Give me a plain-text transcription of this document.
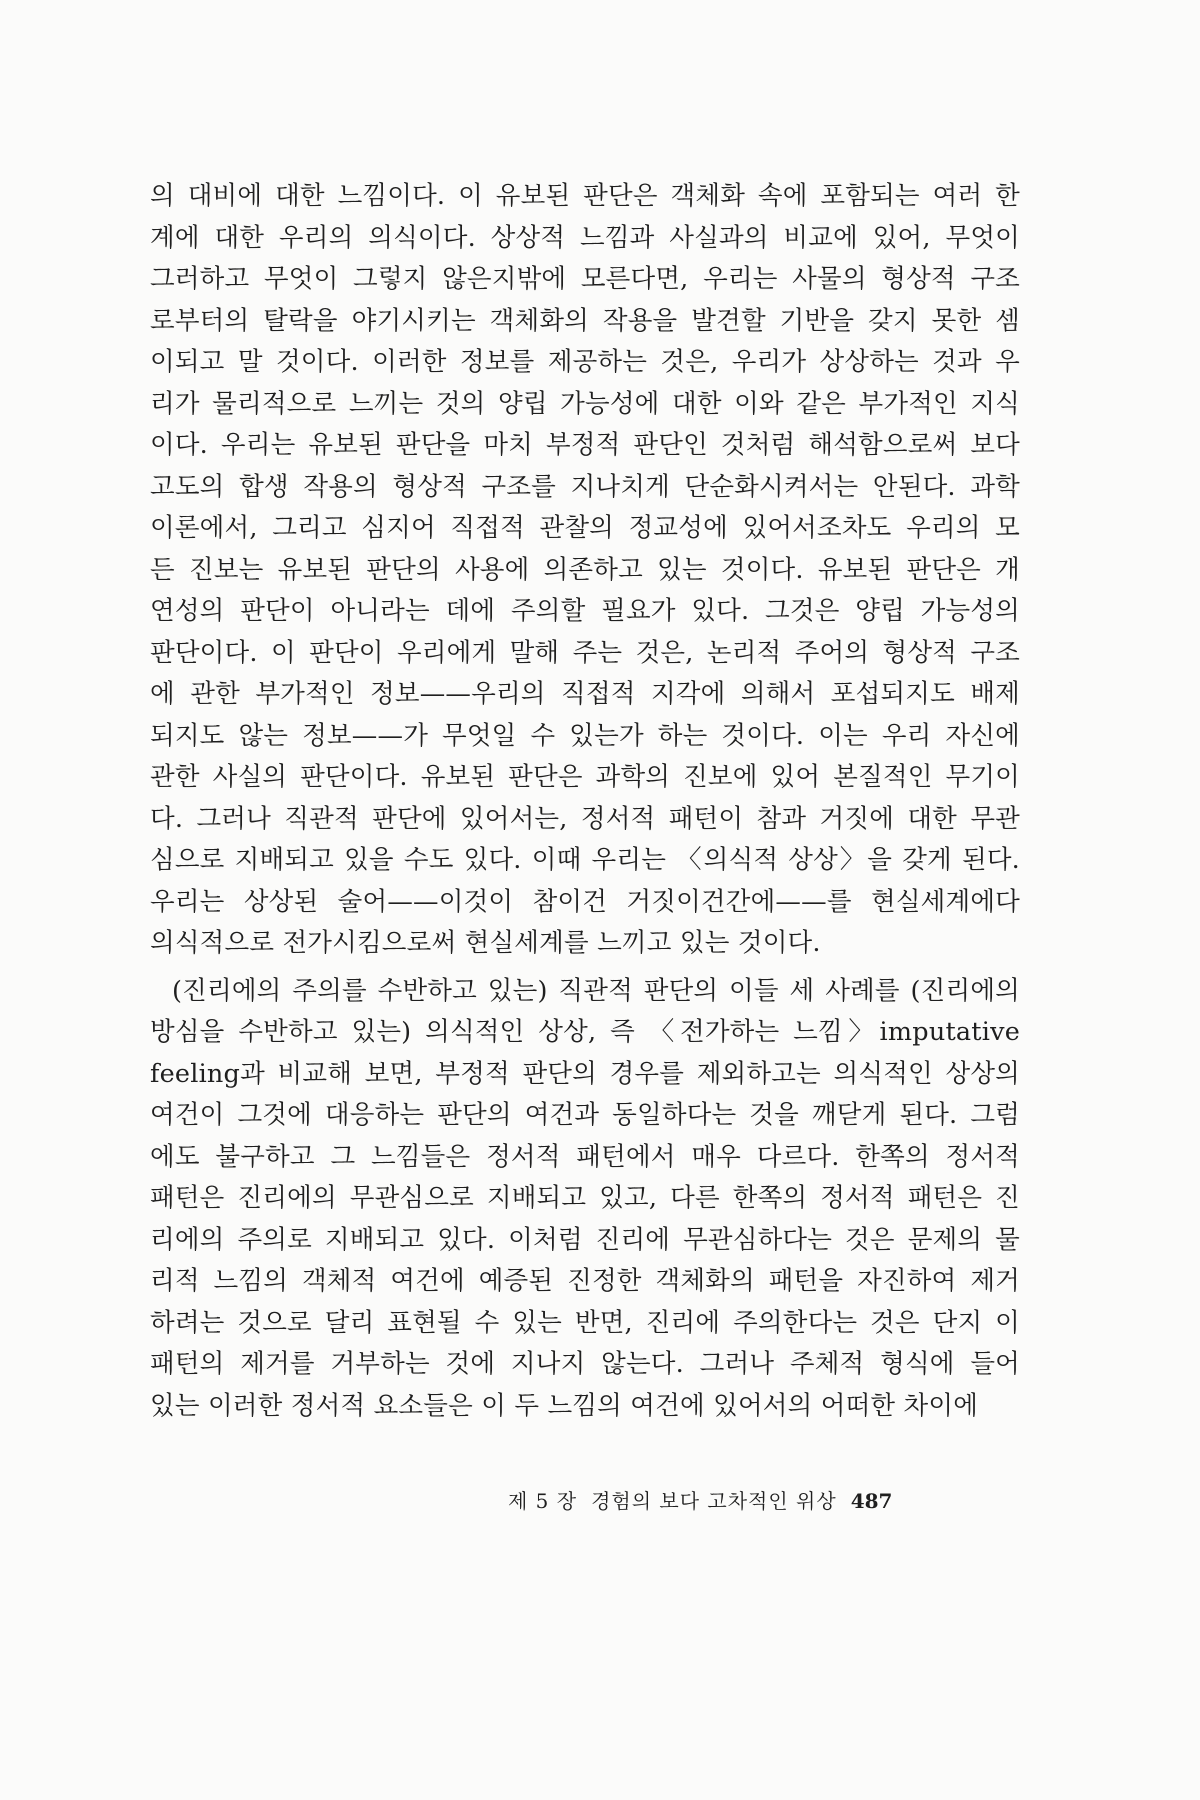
의 대비에 대한 느낌이다. 이 유보된 판단은 객체화 속에 포함되는 여러 한
계에 대한 우리의 의식이다. 상상적 느낌과 사실과의 비교에 있어, 무엇이
그러하고 무엇이 그렇지 않은지밖에 모른다면, 우리는 사물의 형상적 구조
로부터의 탈락을 야기시키는 객체화의 작용을 발견할 기반을 갖지 못한 셈
이되고 말 것이다. 이러한 정보를 제공하는 것은, 우리가 상상하는 것과 우
리가 물리적으로 느끼는 것의 양립 가능성에 대한 이와 같은 부가적인 지식
이다. 우리는 유보된 판단을 마치 부정적 판단인 것처럼 해석함으로써 보다
고도의 합생 작용의 형상적 구조를 지나치게 단순화시켜서는 안된다. 과학
이론에서, 그리고 심지어 직접적 관찰의 정교성에 있어서조차도 우리의 모
든 진보는 유보된 판단의 사용에 의존하고 있는 것이다. 유보된 판단은 개
연성의 판단이 아니라는 데에 주의할 필요가 있다. 그것은 양립 가능성의
판단이다. 이 판단이 우리에게 말해 주는 것은, 논리적 주어의 형상적 구조
에 관한 부가적인 정보——우리의 직접적 지각에 의해서 포섭되지도 배제
되지도 않는 정보——가 무엇일 수 있는가 하는 것이다. 이는 우리 자신에
관한 사실의 판단이다. 유보된 판단은 과학의 진보에 있어 본질적인 무기이
다. 그러나 직관적 판단에 있어서는, 정서적 패턴이 참과 거짓에 대한 무관
심으로 지배되고 있을 수도 있다. 이때 우리는 〈의식적 상상〉을 갖게 된다.
우리는 상상된 술어——이것이 참이건 거짓이건간에——를 현실세계에다
의식적으로 전가시킴으로써 현실세계를 느끼고 있는 것이다.
(진리에의 주의를 수반하고 있는) 직관적 판단의 이들 세 사례를 (진리에의
방심을 수반하고 있는) 의식적인 상상, 즉 〈전가하는 느낌〉imputative
feeling과 비교해 보면, 부정적 판단의 경우를 제외하고는 의식적인 상상의
여건이 그것에 대응하는 판단의 여건과 동일하다는 것을 깨닫게 된다. 그럼
에도 불구하고 그 느낌들은 정서적 패턴에서 매우 다르다. 한쪽의 정서적
패턴은 진리에의 무관심으로 지배되고 있고, 다른 한쪽의 정서적 패턴은 진
리에의 주의로 지배되고 있다. 이처럼 진리에 무관심하다는 것은 문제의 물
리적 느낌의 객체적 여건에 예증된 진정한 객체화의 패턴을 자진하여 제거
하려는 것으로 달리 표현될 수 있는 반면, 진리에 주의한다는 것은 단지 이
패턴의 제거를 거부하는 것에 지나지 않는다. 그러나 주체적 형식에 들어
있는 이러한 정서적 요소들은 이 두 느낌의 여건에 있어서의 어떠한 차이에
제 5 장 경험의 보다 고차적인 위상 487
